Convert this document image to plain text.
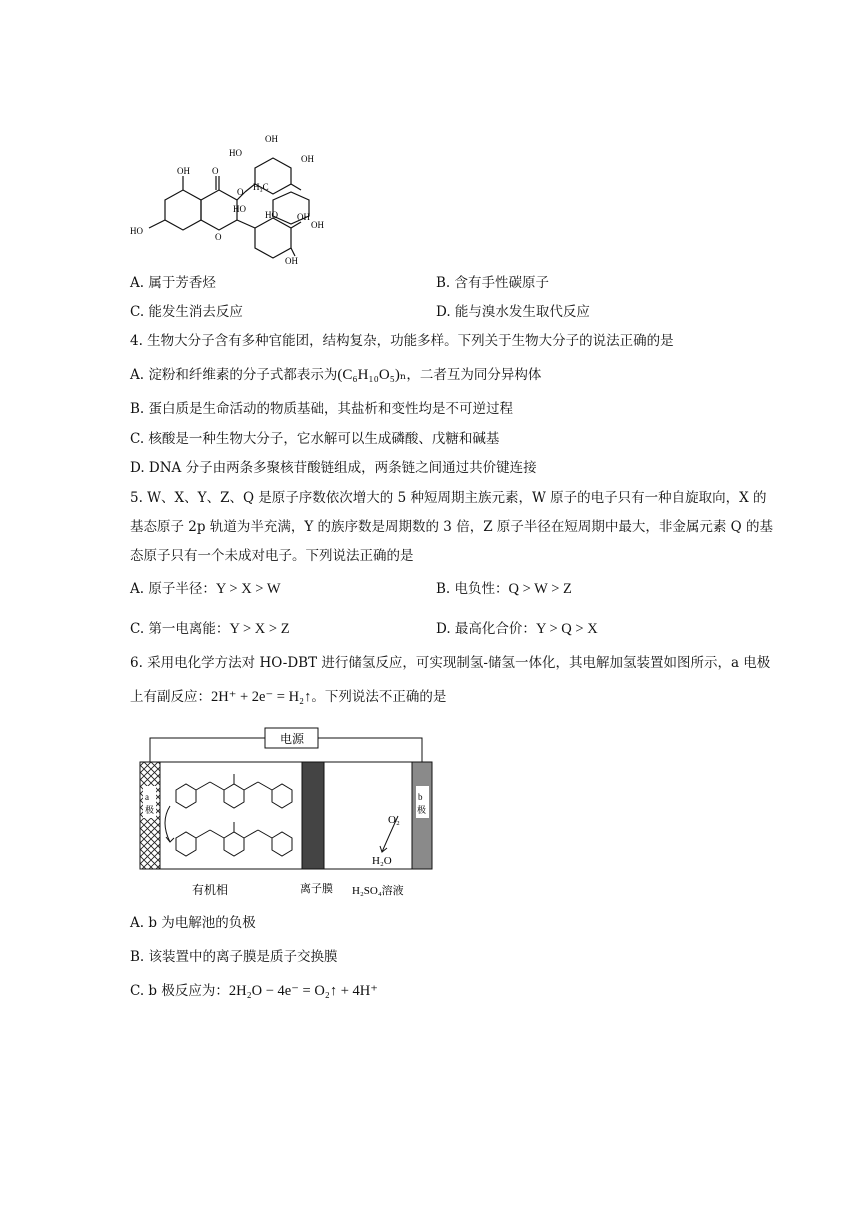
OH O
HO
O
O
OH
HO
OH
H₃C
HO
HO
OH
OH
OH
A. 属于芳香烃	B. 含有手性碳原子
C. 能发生消去反应	D. 能与溴水发生取代反应
4. 生物大分子含有多种官能团，结构复杂，功能多样。下列关于生物大分子的说法正确的是
A. 淀粉和纤维素的分子式都表示为(C₆H₁₀O₅)ₙ，二者互为同分异构体
B. 蛋白质是生命活动的物质基础，其盐析和变性均是不可逆过程
C. 核酸是一种生物大分子，它水解可以生成磷酸、戊糖和碱基
D. DNA 分子由两条多聚核苷酸链组成，两条链之间通过共价键连接
5. W、X、Y、Z、Q 是原子序数依次增大的 5 种短周期主族元素，W 原子的电子只有一种自旋取向，X 的
基态原子 2p 轨道为半充满，Y 的族序数是周期数的 3 倍，Z 原子半径在短周期中最大，非金属元素 Q 的基
态原子只有一个未成对电子。下列说法正确的是
A. 原子半径：Y > X > W	B. 电负性：Q > W > Z
C. 第一电离能：Y > X > Z	D. 最高化合价：Y > Q > X
6. 采用电化学方法对 HO-DBT 进行储氢反应，可实现制氢-储氢一体化，其电解加氢装置如图所示，a 电极
上有副反应：2H⁺ + 2e⁻ = H₂↑。下列说法不正确的是
电源
a
极
b
极
O₂
H₂O
有机相	离子膜 H₂SO₄溶液
A. b 为电解池的负极
B. 该装置中的离子膜是质子交换膜
C. b 极反应为：2H₂O − 4e⁻ = O₂↑ + 4H⁺
